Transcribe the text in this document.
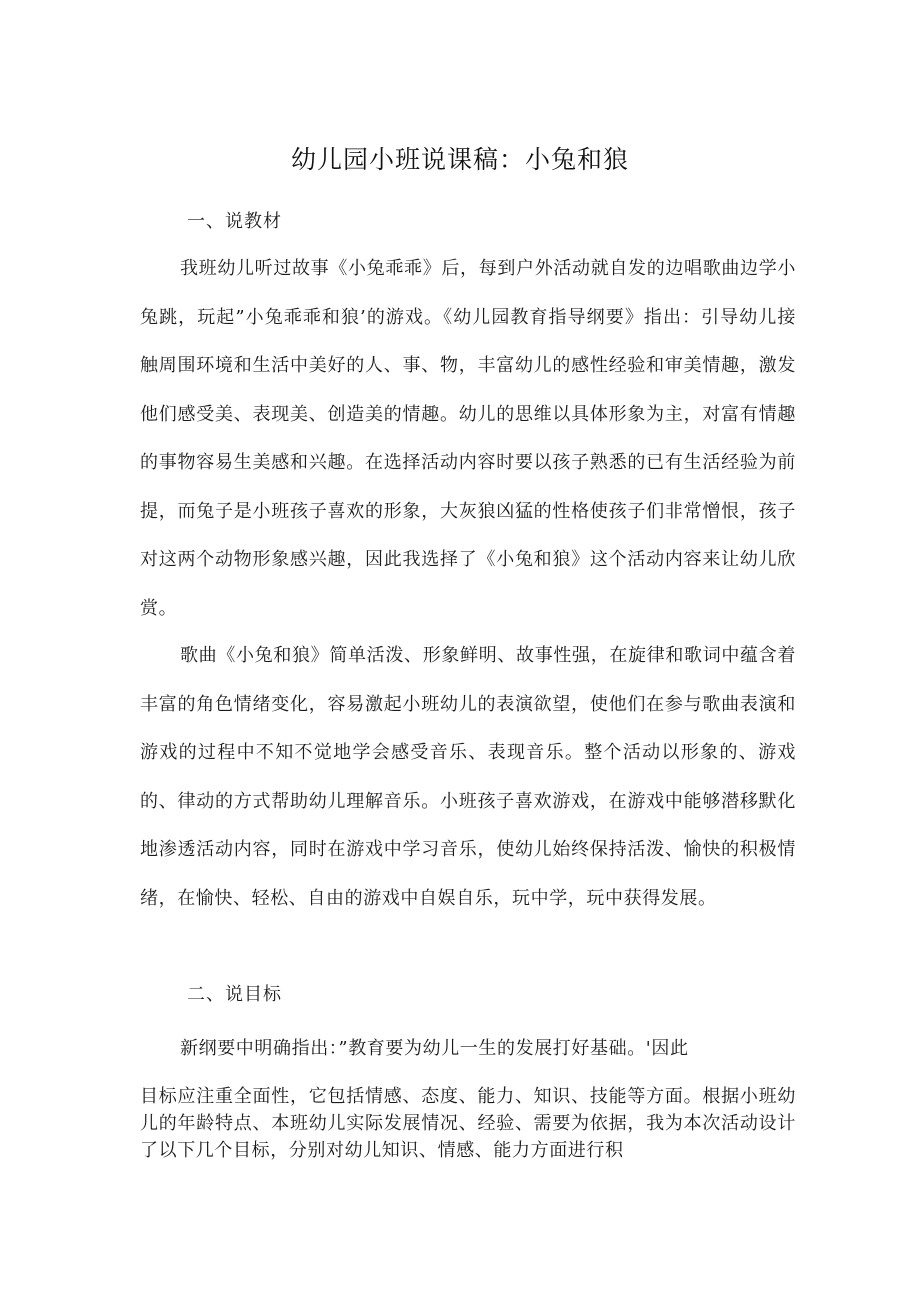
幼儿园小班说课稿：小兔和狼
一、说教材

我班幼儿听过故事《小兔乖乖》后，每到户外活动就自发的边唱歌曲边学小兔跳，玩起”小兔乖乖和狼’的游戏。《幼儿园教育指导纲要》指出：引导幼儿接触周围环境和生活中美好的人、事、物，丰富幼儿的感性经验和审美情趣，激发他们感受美、表现美、创造美的情趣。幼儿的思维以具体形象为主，对富有情趣的事物容易生美感和兴趣。在选择活动内容时要以孩子熟悉的已有生活经验为前提，而兔子是小班孩子喜欢的形象，大灰狼凶猛的性格使孩子们非常憎恨，孩子对这两个动物形象感兴趣，因此我选择了《小兔和狼》这个活动内容来让幼儿欣赏。

歌曲《小兔和狼》简单活泼、形象鲜明、故事性强，在旋律和歌词中蕴含着丰富的角色情绪变化，容易激起小班幼儿的表演欲望，使他们在参与歌曲表演和游戏的过程中不知不觉地学会感受音乐、表现音乐。整个活动以形象的、游戏的、律动的方式帮助幼儿理解音乐。小班孩子喜欢游戏，在游戏中能够潜移默化地渗透活动内容，同时在游戏中学习音乐，使幼儿始终保持活泼、愉快的积极情绪，在愉快、轻松、自由的游戏中自娱自乐，玩中学，玩中获得发展。

二、说目标
新纲要中明确指出：”教育要为幼儿一生的发展打好基础。'因此

目标应注重全面性，它包括情感、态度、能力、知识、技能等方面。根据小班幼儿的年龄特点、本班幼儿实际发展情况、经验、需要为依据，我为本次活动设计了以下几个目标，分别对幼儿知识、情感、能力方面进行积
